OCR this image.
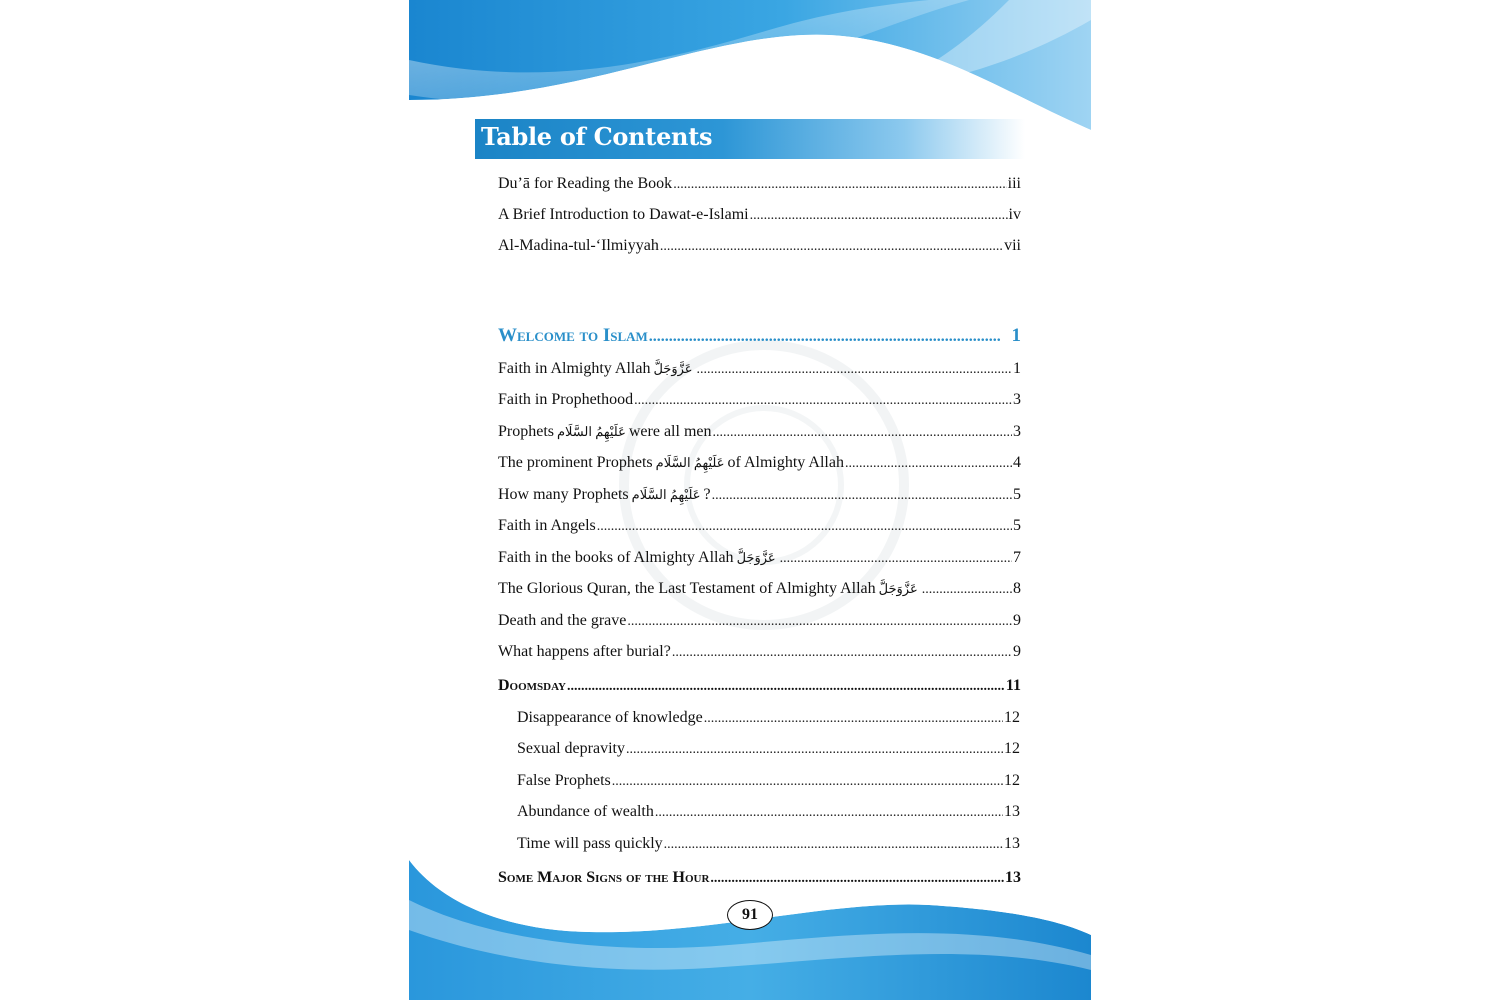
Table of Contents
Du’ā for Reading the Book .....	iii
A Brief Introduction to Dawat-e-Islami .....	iv
Al-Madina-tul-‘Ilmiyyah .....	vii
Welcome to Islam .....	1
Faith in Almighty Allah عَزَّوَجَلَّ .....	1
Faith in Prophethood .....	3
Prophets عَلَيْهِمُ السَّلَام were all men .....	3
The prominent Prophets عَلَيْهِمُ السَّلَام of Almighty Allah .....	4
How many Prophets عَلَيْهِمُ السَّلَام ? .....	5
Faith in Angels .....	5
Faith in the books of Almighty Allah عَزَّوَجَلَّ .....	7
The Glorious Quran, the Last Testament of Almighty Allah عَزَّوَجَلَّ .....	8
Death and the grave .....	9
What happens after burial? .....	9
Doomsday .....	11
Disappearance of knowledge .....	12
Sexual depravity .....	12
False Prophets .....	12
Abundance of wealth .....	13
Time will pass quickly .....	13
Some Major Signs of the Hour .....	13
91
